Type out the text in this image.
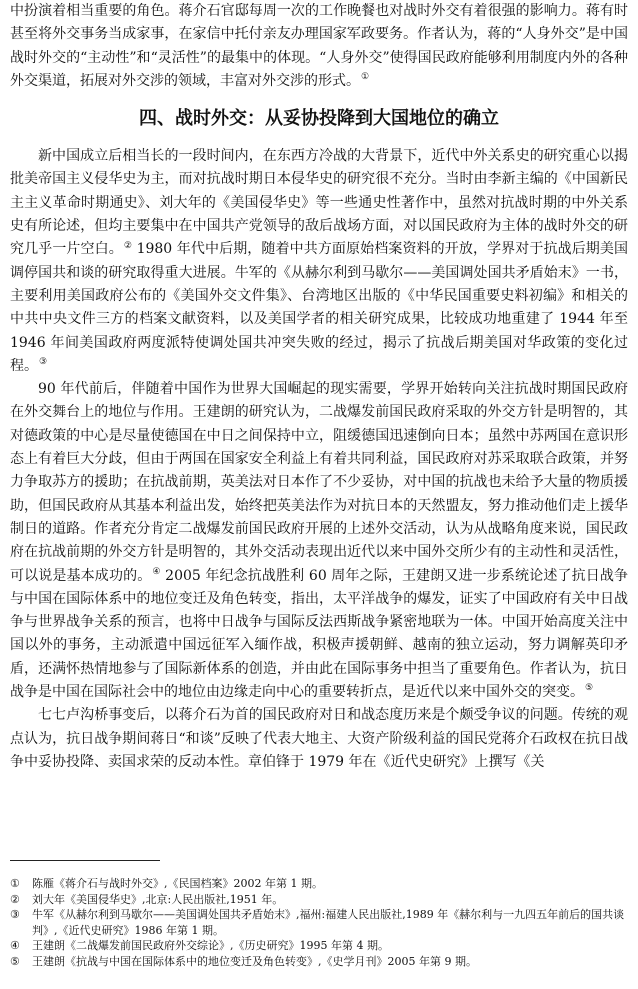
中扮演着相当重要的角色。蒋介石官邸每周一次的工作晚餐也对战时外交有着很强的影响力。蒋有时甚至将外交事务当成家事，在家信中托付亲友办理国家军政要务。作者认为，蒋的“人身外交”是中国战时外交的“主动性”和“灵活性”的最集中的体现。“人身外交”使得国民政府能够利用制度内外的各种外交渠道，拓展对外交涉的领域，丰富对外交涉的形式。①

四、战时外交：从妥协投降到大国地位的确立

新中国成立后相当长的一段时间内，在东西方冷战的大背景下，近代中外关系史的研究重心以揭批美帝国主义侵华史为主，而对抗战时期日本侵华史的研究很不充分。当时由李新主编的《中国新民主主义革命时期通史》、刘大年的《美国侵华史》等一些通史性著作中，虽然对抗战时期的中外关系史有所论述，但均主要集中在中国共产党领导的敌后战场方面，对以国民政府为主体的战时外交的研究几乎一片空白。② 1980 年代中后期，随着中共方面原始档案资料的开放，学界对于抗战后期美国调停国共和谈的研究取得重大进展。牛军的《从赫尔利到马歇尔——美国调处国共矛盾始末》一书，主要利用美国政府公布的《美国外交文件集》、台湾地区出版的《中华民国重要史料初编》和相关的中共中央文件三方的档案文献资料，以及美国学者的相关研究成果，比较成功地重建了 1944 年至 1946 年间美国政府两度派特使调处国共冲突失败的经过，揭示了抗战后期美国对华政策的变化过程。③

90 年代前后，伴随着中国作为世界大国崛起的现实需要，学界开始转向关注抗战时期国民政府在外交舞台上的地位与作用。王建朗的研究认为，二战爆发前国民政府采取的外交方针是明智的，其对德政策的中心是尽量使德国在中日之间保持中立，阻缓德国迅速倒向日本；虽然中苏两国在意识形态上有着巨大分歧，但由于两国在国家安全利益上有着共同利益，国民政府对苏采取联合政策，并努力争取苏方的援助；在抗战前期，英美法对日本作了不少妥协，对中国的抗战也未给予大量的物质援助，但国民政府从其基本利益出发，始终把英美法作为对抗日本的天然盟友，努力推动他们走上援华制日的道路。作者充分肯定二战爆发前国民政府开展的上述外交活动，认为从战略角度来说，国民政府在抗战前期的外交方针是明智的，其外交活动表现出近代以来中国外交所少有的主动性和灵活性，可以说是基本成功的。④ 2005 年纪念抗战胜利 60 周年之际，王建朗又进一步系统论述了抗日战争与中国在国际体系中的地位变迁及角色转变，指出，太平洋战争的爆发，证实了中国政府有关中日战争与世界战争关系的预言，也将中日战争与国际反法西斯战争紧密地联为一体。中国开始高度关注中国以外的事务，主动派遣中国远征军入缅作战，积极声援朝鲜、越南的独立运动，努力调解英印矛盾，还满怀热情地参与了国际新体系的创造，并由此在国际事务中担当了重要角色。作者认为，抗日战争是中国在国际社会中的地位由边缘走向中心的重要转折点，是近代以来中国外交的突变。⑤

七七卢沟桥事变后，以蒋介石为首的国民政府对日和战态度历来是个颇受争议的问题。传统的观点认为，抗日战争期间蒋日“和谈”反映了代表大地主、大资产阶级利益的国民党蒋介石政权在抗日战争中妥协投降、卖国求荣的反动本性。章伯锋于 1979 年在《近代史研究》上撰写《关

①	陈雁《蒋介石与战时外交》,《民国档案》2002 年第 1 期。
②	刘大年《美国侵华史》,北京:人民出版社,1951 年。
③	牛军《从赫尔利到马歇尔——美国调处国共矛盾始末》,福州:福建人民出版社,1989 年《赫尔利与一九四五年前后的国共谈判》,《近代史研究》1986 年第 1 期。
④	王建朗《二战爆发前国民政府外交综论》,《历史研究》1995 年第 4 期。
⑤	王建朗《抗战与中国在国际体系中的地位变迁及角色转变》,《史学月刊》2005 年第 9 期。
